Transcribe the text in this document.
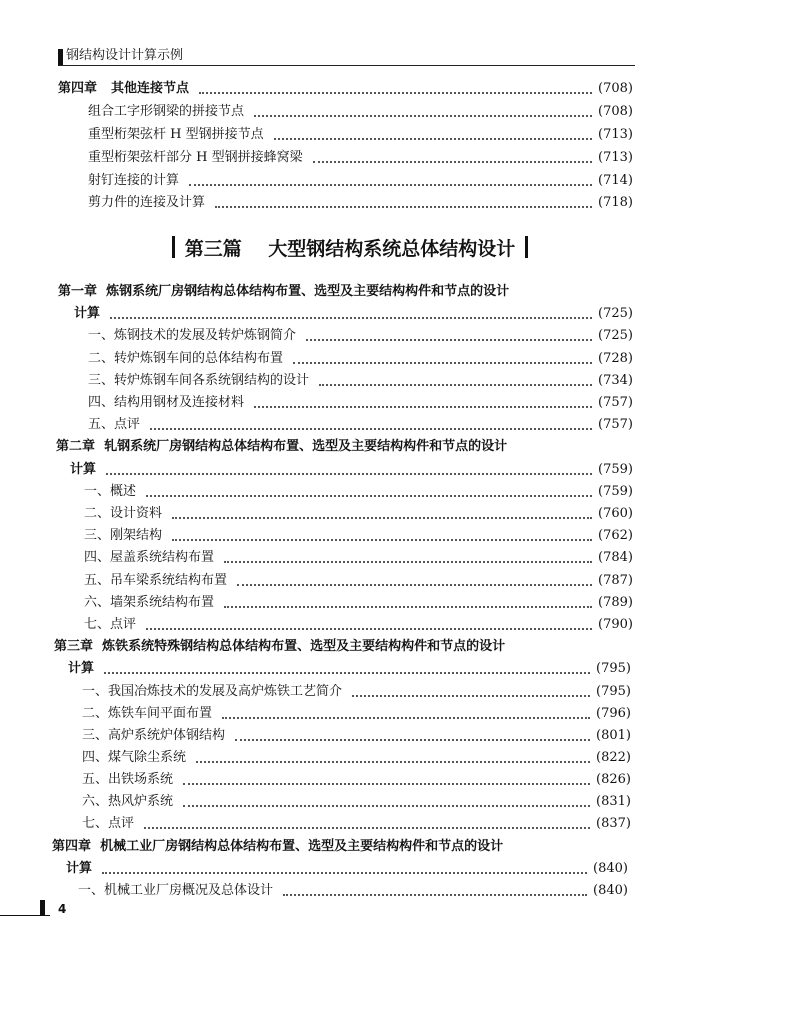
钢结构设计计算示例
第四章 其他连接节点	(708)
组合工字形钢梁的拼接节点	(708)
重型桁架弦杆 H 型钢拼接节点	(713)
重型桁架弦杆部分 H 型钢拼接蜂窝梁	(713)
射钉连接的计算	(714)
剪力件的连接及计算	(718)
第三篇 大型钢结构系统总体结构设计
第一章 炼钢系统厂房钢结构总体结构布置、选型及主要结构构件和节点的设计
计算	(725)
一、炼钢技术的发展及转炉炼钢简介	(725)
二、转炉炼钢车间的总体结构布置	(728)
三、转炉炼钢车间各系统钢结构的设计	(734)
四、结构用钢材及连接材料	(757)
五、点评	(757)
第二章 轧钢系统厂房钢结构总体结构布置、选型及主要结构构件和节点的设计
计算	(759)
一、概述	(759)
二、设计资料	(760)
三、刚架结构	(762)
四、屋盖系统结构布置	(784)
五、吊车梁系统结构布置	(787)
六、墙架系统结构布置	(789)
七、点评	(790)
第三章 炼铁系统特殊钢结构总体结构布置、选型及主要结构构件和节点的设计
计算	(795)
一、我国冶炼技术的发展及高炉炼铁工艺简介	(795)
二、炼铁车间平面布置	(796)
三、高炉系统炉体钢结构	(801)
四、煤气除尘系统	(822)
五、出铁场系统	(826)
六、热风炉系统	(831)
七、点评	(837)
第四章 机械工业厂房钢结构总体结构布置、选型及主要结构构件和节点的设计
计算	(840)
一、机械工业厂房概况及总体设计	(840)
4
